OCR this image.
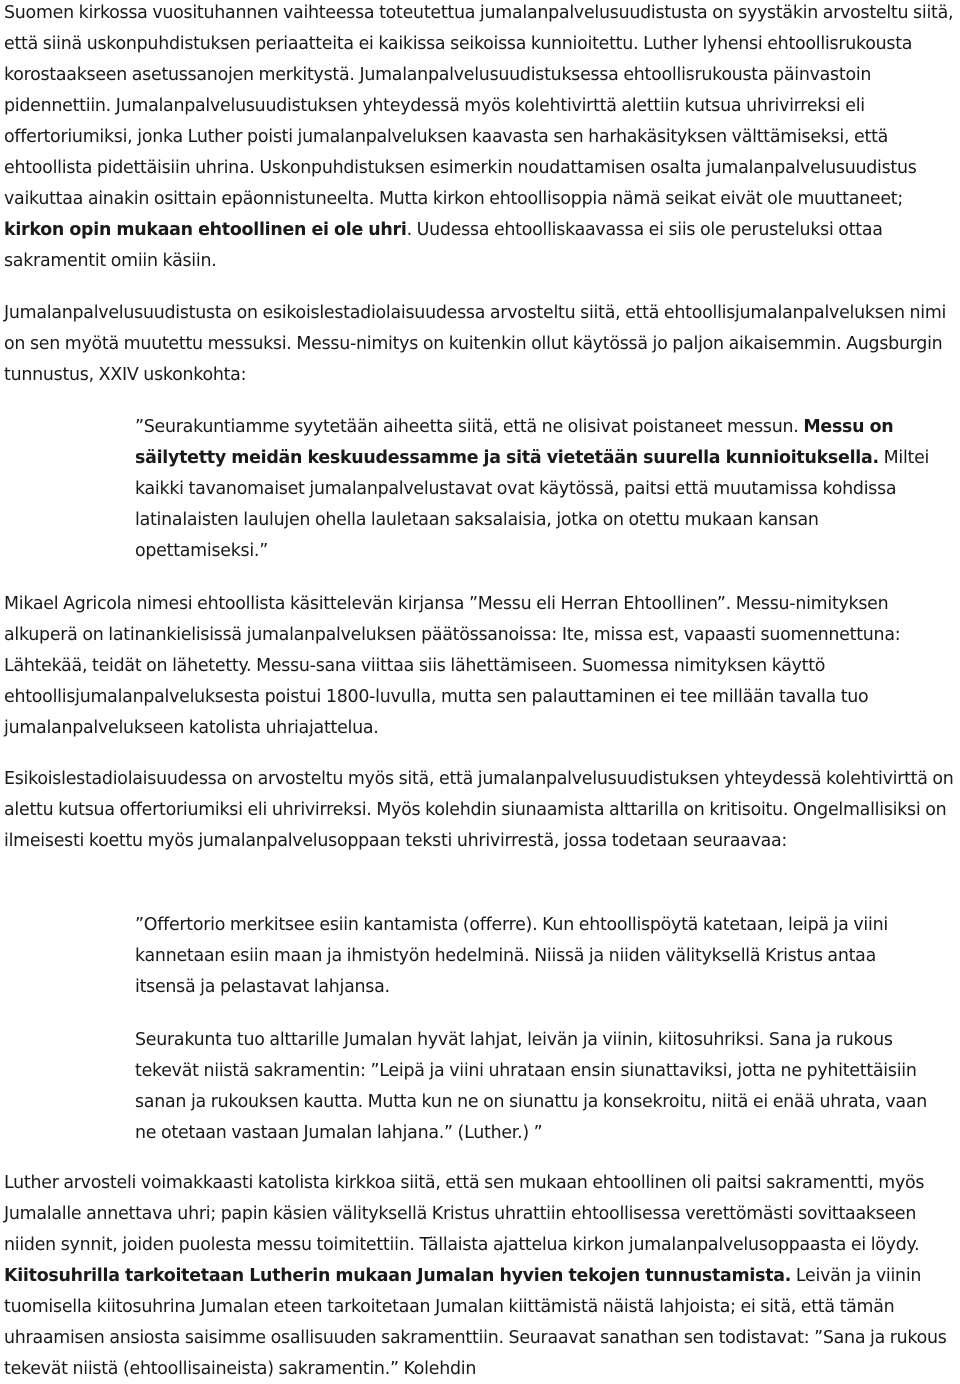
Suomen kirkossa vuosituhannen vaihteessa toteutettua jumalanpalvelusuudistusta on syystäkin arvosteltu siitä, että siinä uskonpuhdistuksen periaatteita ei kaikissa seikoissa kunnioitettu. Luther lyhensi ehtoollisrukousta korostaakseen asetussanojen merkitystä. Jumalanpalvelusuudistuksessa ehtoollisrukousta päinvastoin pidennettiin. Jumalanpalvelusuudistuksen yhteydessä myös kolehtivirttä alettiin kutsua uhrivirreksi eli offertoriumiksi, jonka Luther poisti jumalanpalveluksen kaavasta sen harhakäsityksen välttämiseksi, että ehtoollista pidettäisiin uhrina. Uskonpuhdistuksen esimerkin noudattamisen osalta jumalanpalvelusuudistus vaikuttaa ainakin osittain epäonnistuneelta. Mutta kirkon ehtoollisoppia nämä seikat eivät ole muuttaneet; kirkon opin mukaan ehtoollinen ei ole uhri. Uudessa ehtoolliskaavassa ei siis ole perusteluksi ottaa sakramentit omiin käsiin.

Jumalanpalvelusuudistusta on esikoislestadiolaisuudessa arvosteltu siitä, että ehtoollisjumalanpalveluksen nimi on sen myötä muutettu messuksi. Messu-nimitys on kuitenkin ollut käytössä jo paljon aikaisemmin. Augsburgin tunnustus, XXIV uskonkohta:

”Seurakuntiamme syytetään aiheetta siitä, että ne olisivat poistaneet messun. Messu on säilytetty meidän keskuudessamme ja sitä vietetään suurella kunnioituksella. Miltei kaikki tavanomaiset jumalanpalvelustavat ovat käytössä, paitsi että muutamissa kohdissa latinalaisten laulujen ohella lauletaan saksalaisia, jotka on otettu mukaan kansan opettamiseksi.”

Mikael Agricola nimesi ehtoollista käsittelevän kirjansa ”Messu eli Herran Ehtoollinen”. Messu-nimityksen alkuperä on latinankielisissä jumalanpalveluksen päätössanoissa: Ite, missa est, vapaasti suomennettuna: Lähtekää, teidät on lähetetty. Messu-sana viittaa siis lähettämiseen. Suomessa nimityksen käyttö ehtoollisjumalanpalveluksesta poistui 1800-luvulla, mutta sen palauttaminen ei tee millään tavalla tuo jumalanpalvelukseen katolista uhriajattelua.

Esikoislestadiolaisuudessa on arvosteltu myös sitä, että jumalanpalvelusuudistuksen yhteydessä kolehtivirttä on alettu kutsua offertoriumiksi eli uhrivirreksi. Myös kolehdin siunaamista alttarilla on kritisoitu. Ongelmallisiksi on ilmeisesti koettu myös jumalanpalvelusoppaan teksti uhrivirrestä, jossa todetaan seuraavaa:

”Offertorio merkitsee esiin kantamista (offerre). Kun ehtoollispöytä katetaan, leipä ja viini kannetaan esiin maan ja ihmistyön hedelminä. Niissä ja niiden välityksellä Kristus antaa itsensä ja pelastavat lahjansa.

Seurakunta tuo alttarille Jumalan hyvät lahjat, leivän ja viinin, kiitosuhriksi. Sana ja rukous tekevät niistä sakramentin: ”Leipä ja viini uhrataan ensin siunattaviksi, jotta ne pyhitettäisiin sanan ja rukouksen kautta. Mutta kun ne on siunattu ja konsekroitu, niitä ei enää uhrata, vaan ne otetaan vastaan Jumalan lahjana.” (Luther.) ”

Luther arvosteli voimakkaasti katolista kirkkoa siitä, että sen mukaan ehtoollinen oli paitsi sakramentti, myös Jumalalle annettava uhri; papin käsien välityksellä Kristus uhrattiin ehtoollisessa verettömästi sovittaakseen niiden synnit, joiden puolesta messu toimitettiin. Tällaista ajattelua kirkon jumalanpalvelusoppaasta ei löydy. Kiitosuhrilla tarkoitetaan Lutherin mukaan Jumalan hyvien tekojen tunnustamista. Leivän ja viinin tuomisella kiitosuhrina Jumalan eteen tarkoitetaan Jumalan kiittämistä näistä lahjoista; ei sitä, että tämän uhraamisen ansiosta saisimme osallisuuden sakramenttiin. Seuraavat sanathan sen todistavat: ”Sana ja rukous tekevät niistä (ehtoollisaineista) sakramentin.” Kolehdin
